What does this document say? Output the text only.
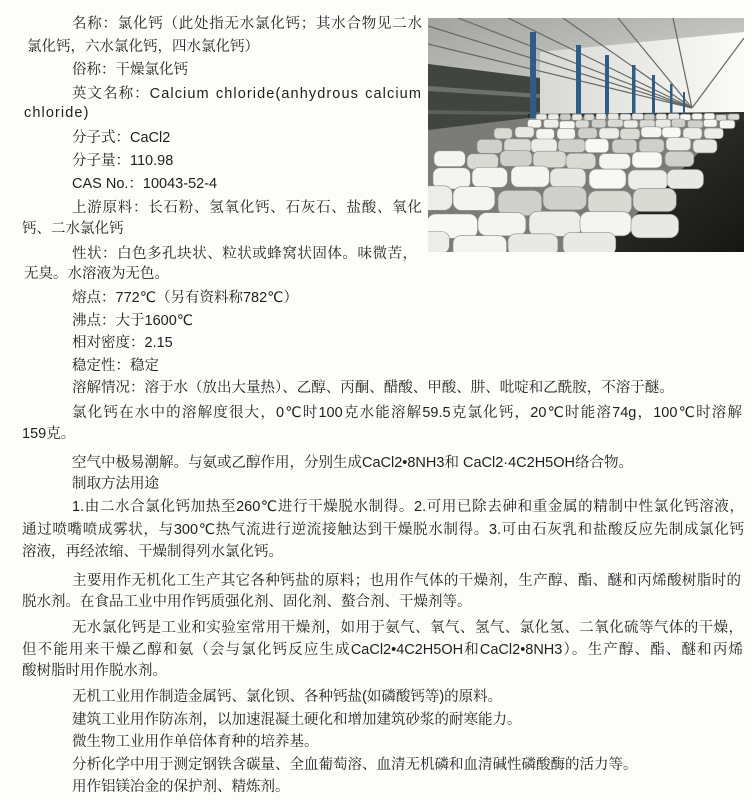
名称：氯化钙（此处指无水氯化钙；其水合物见二水
氯化钙，六水氯化钙，四水氯化钙）
俗称：干燥氯化钙
英文名称：Calcium chloride(anhydrous calcium
chloride)
分子式：CaCl2
分子量：110.98
CAS No.：10043-52-4
上游原料：长石粉、氢氧化钙、石灰石、盐酸、氧化
钙、二水氯化钙
性状：白色多孔块状、粒状或蜂窝状固体。味微苦，
无臭。水溶液为无色。
熔点：772℃（另有资料称782℃）
沸点：大于1600℃
相对密度：2.15
稳定性：稳定
溶解情况：溶于水（放出大量热）、乙醇、丙酮、醋酸、甲酸、肼、吡啶和乙酰胺，不溶于醚。
氯化钙在水中的溶解度很大，0℃时100克水能溶解59.5克氯化钙，20℃时能溶74g，100℃时溶解
159克。
空气中极易潮解。与氨或乙醇作用，分别生成CaCl2•8NH3和 CaCl2·4C2H5OH络合物。
制取方法用途
1.由二水合氯化钙加热至260℃进行干燥脱水制得。2.可用已除去砷和重金属的精制中性氯化钙溶液，
通过喷嘴喷成雾状，与300℃热气流进行逆流接触达到干燥脱水制得。3.可由石灰乳和盐酸反应先制成氯化钙
溶液，再经浓缩、干燥制得列水氯化钙。
主要用作无机化工生产其它各种钙盐的原料；也用作气体的干燥剂，生产醇、酯、醚和丙烯酸树脂时的
脱水剂。在食品工业中用作钙质强化剂、固化剂、螯合剂、干燥剂等。
无水氯化钙是工业和实验室常用干燥剂，如用于氨气、氧气、氢气、氯化氢、二氧化硫等气体的干燥，
但不能用来干燥乙醇和氨（会与氯化钙反应生成CaCl2•4C2H5OH和CaCl2•8NH3）。生产醇、酯、醚和丙烯
酸树脂时用作脱水剂。
无机工业用作制造金属钙、氯化钡、各种钙盐(如磷酸钙等)的原料。
建筑工业用作防冻剂，以加速混凝土硬化和增加建筑砂浆的耐寒能力。
微生物工业用作单倍体育种的培养基。
分析化学中用于测定钢铁含碳量、全血葡萄溶、血清无机磷和血清碱性磷酸酶的活力等。
用作铝镁冶金的保护剂、精炼剂。
